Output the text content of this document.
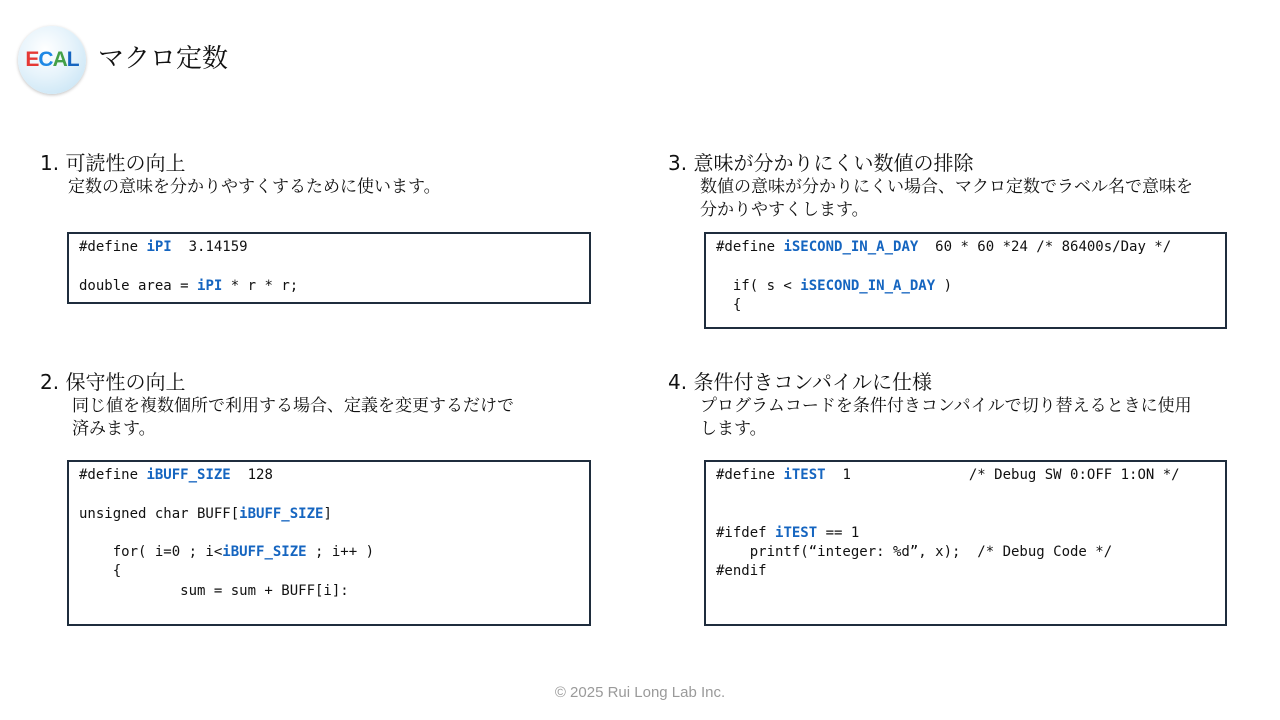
E C A L マクロ定数
1. 可読性の向上
定数の意味を分かりやすくするために使います。
#define iPI  3.14159
double area = iPI * r * r;
2. 保守性の向上
同じ値を複数個所で利用する場合、定義を変更するだけで
済みます。
#define iBUFF_SIZE  128
unsigned char BUFF[iBUFF_SIZE]
for( i=0 ; i<iBUFF_SIZE ; i++ )
{
sum = sum + BUFF[i]:
3. 意味が分かりにくい数値の排除
数値の意味が分かりにくい場合、マクロ定数でラベル名で意味を
分かりやすくします。
#define iSECOND_IN_A_DAY  60 * 60 *24 /* 86400s/Day */
if( s < iSECOND_IN_A_DAY )
{
4. 条件付きコンパイルに仕様
プログラムコードを条件付きコンパイルで切り替えるときに使用
します。
#define iTEST  1              /* Debug SW 0:OFF 1:ON */
#ifdef iTEST == 1
printf(“integer: %d”, x);  /* Debug Code */
#endif
© 2025 Rui Long Lab Inc.
